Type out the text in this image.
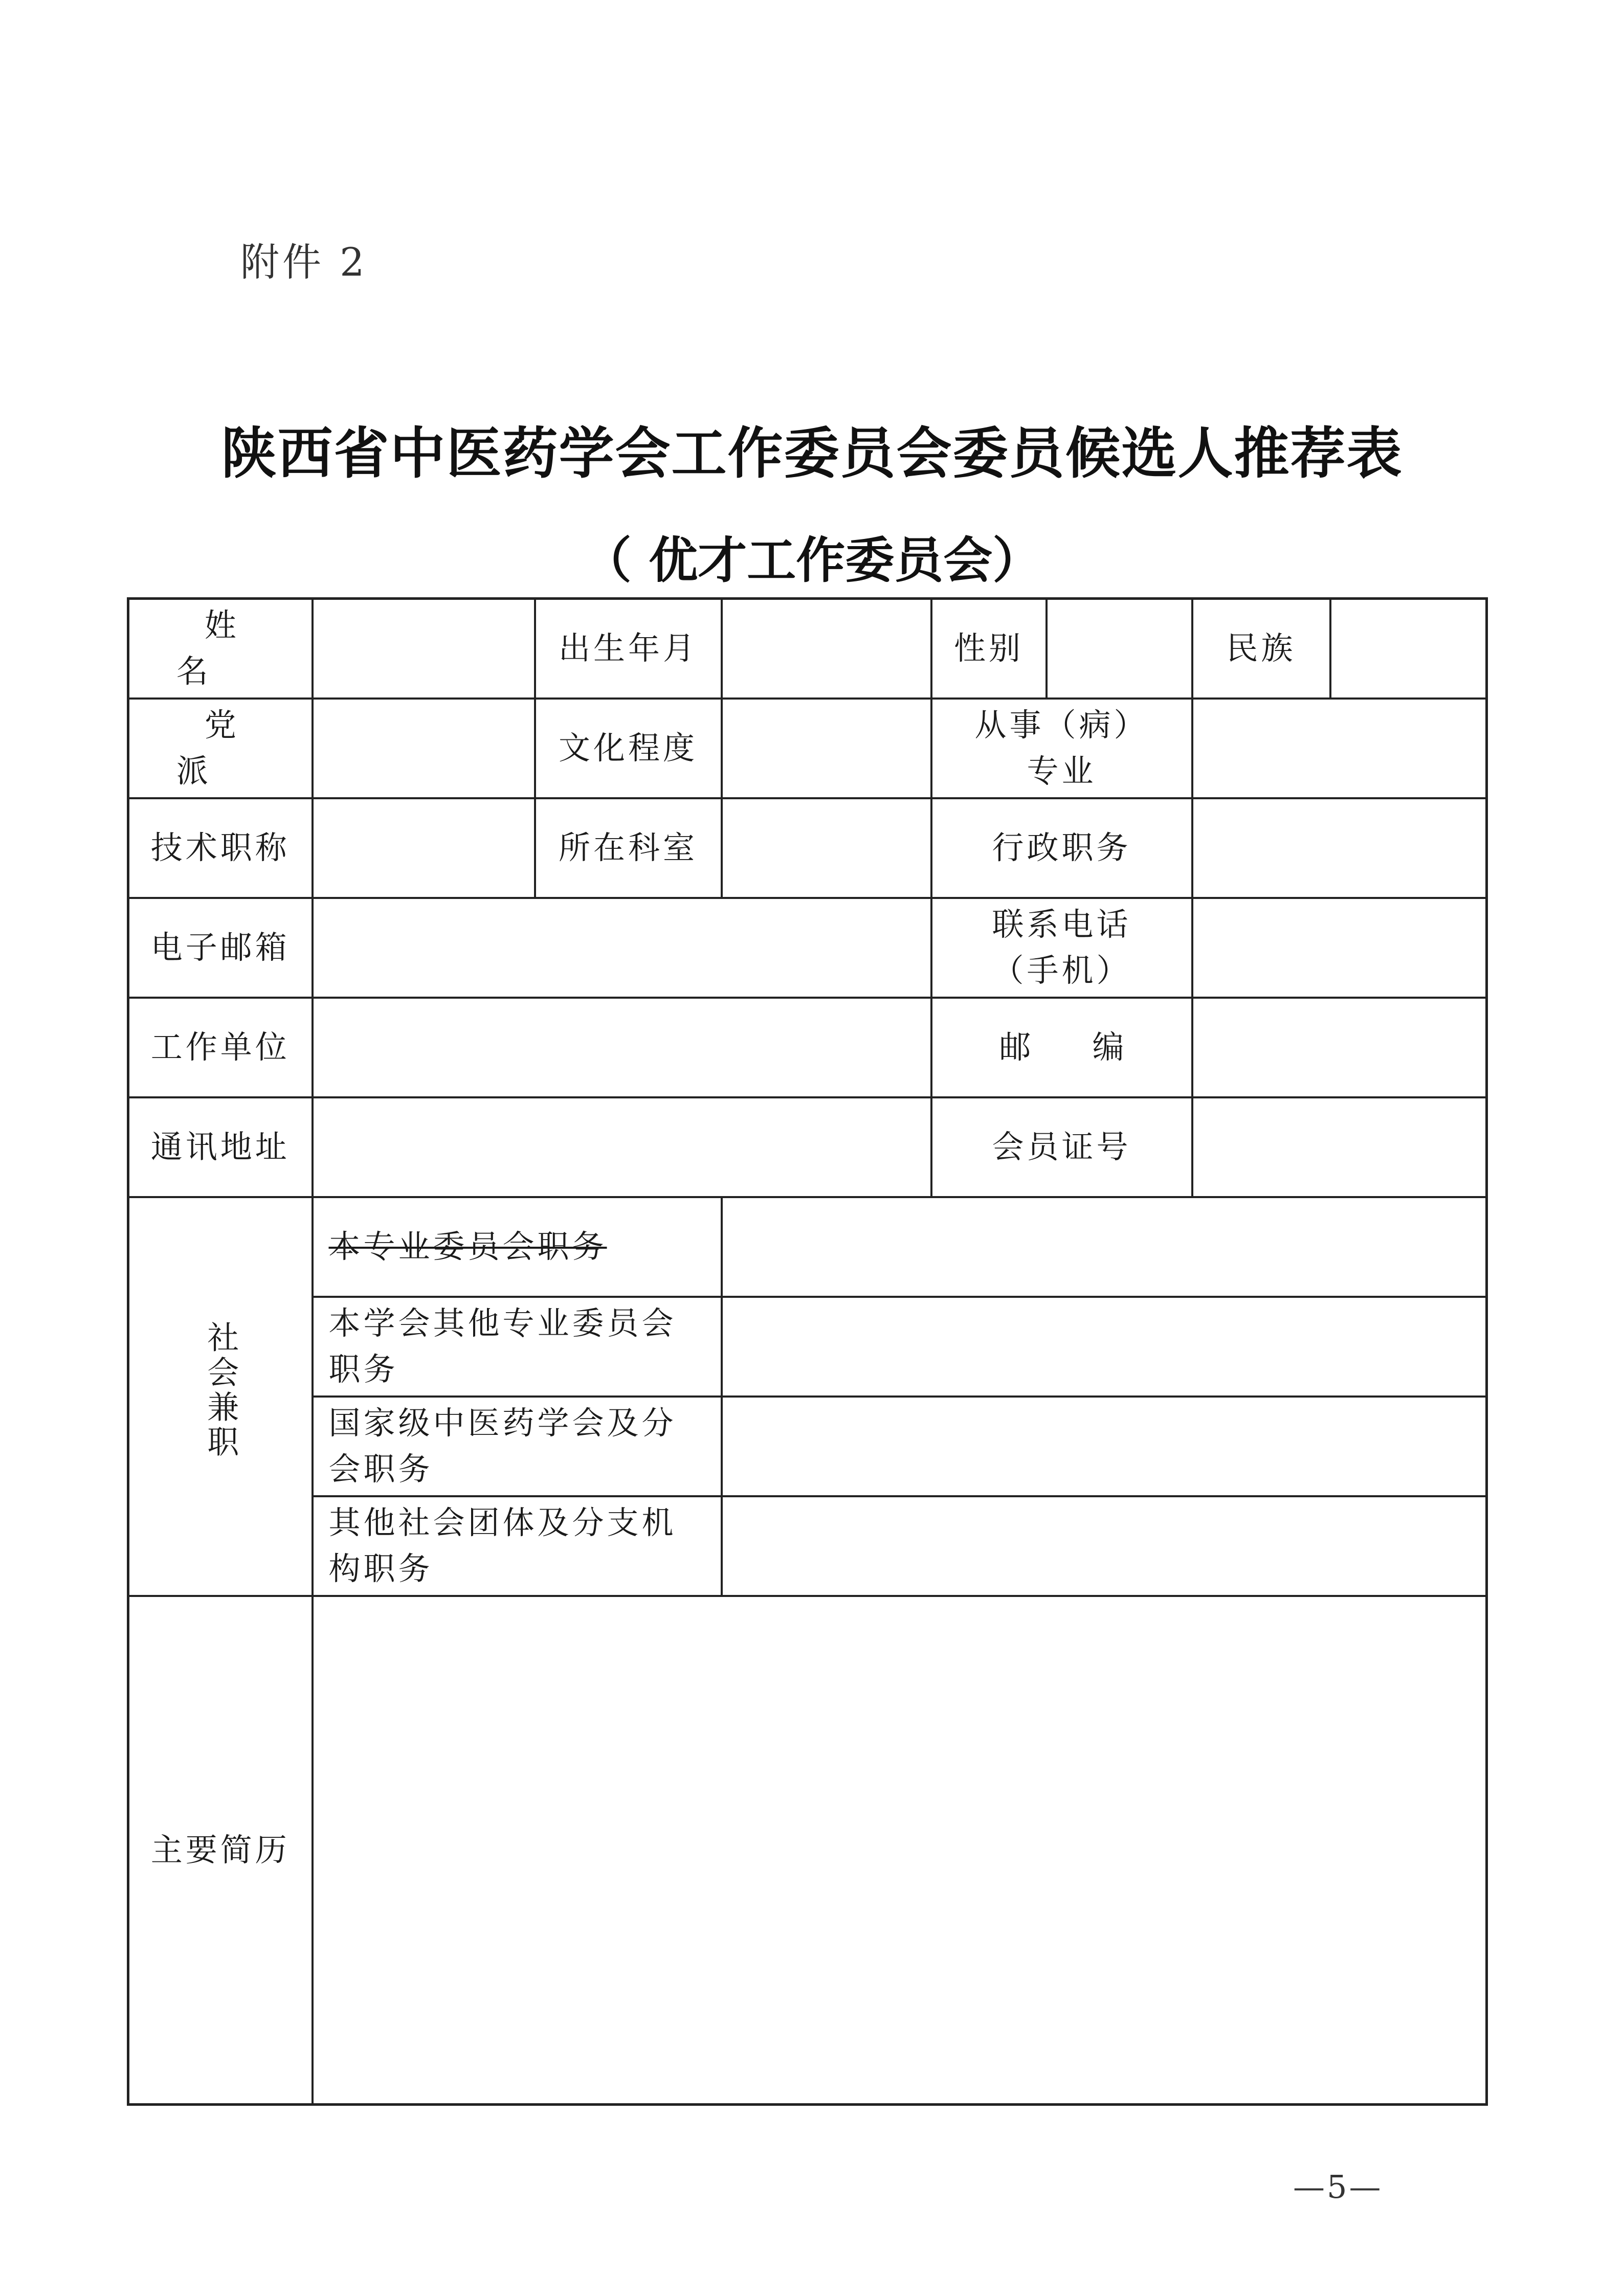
附件 2
陕西省中医药学会工作委员会委员候选人推荐表
（ 优才工作委员会）
姓名		出生年月		性别		民族	
党派		文化程度		从事（病）
专业			

技术职称		所在科室		行政职务			
电子邮箱				联系电话
（手机）			

工作单位				邮编			
通讯地址				会员证号			
社会兼职	本专业委员会职务						
	本学会其他专业委员会职务						
	国家级中医药学会及分会职务						
	其他社会团体及分支机构职务						
主要简历							
—5—
